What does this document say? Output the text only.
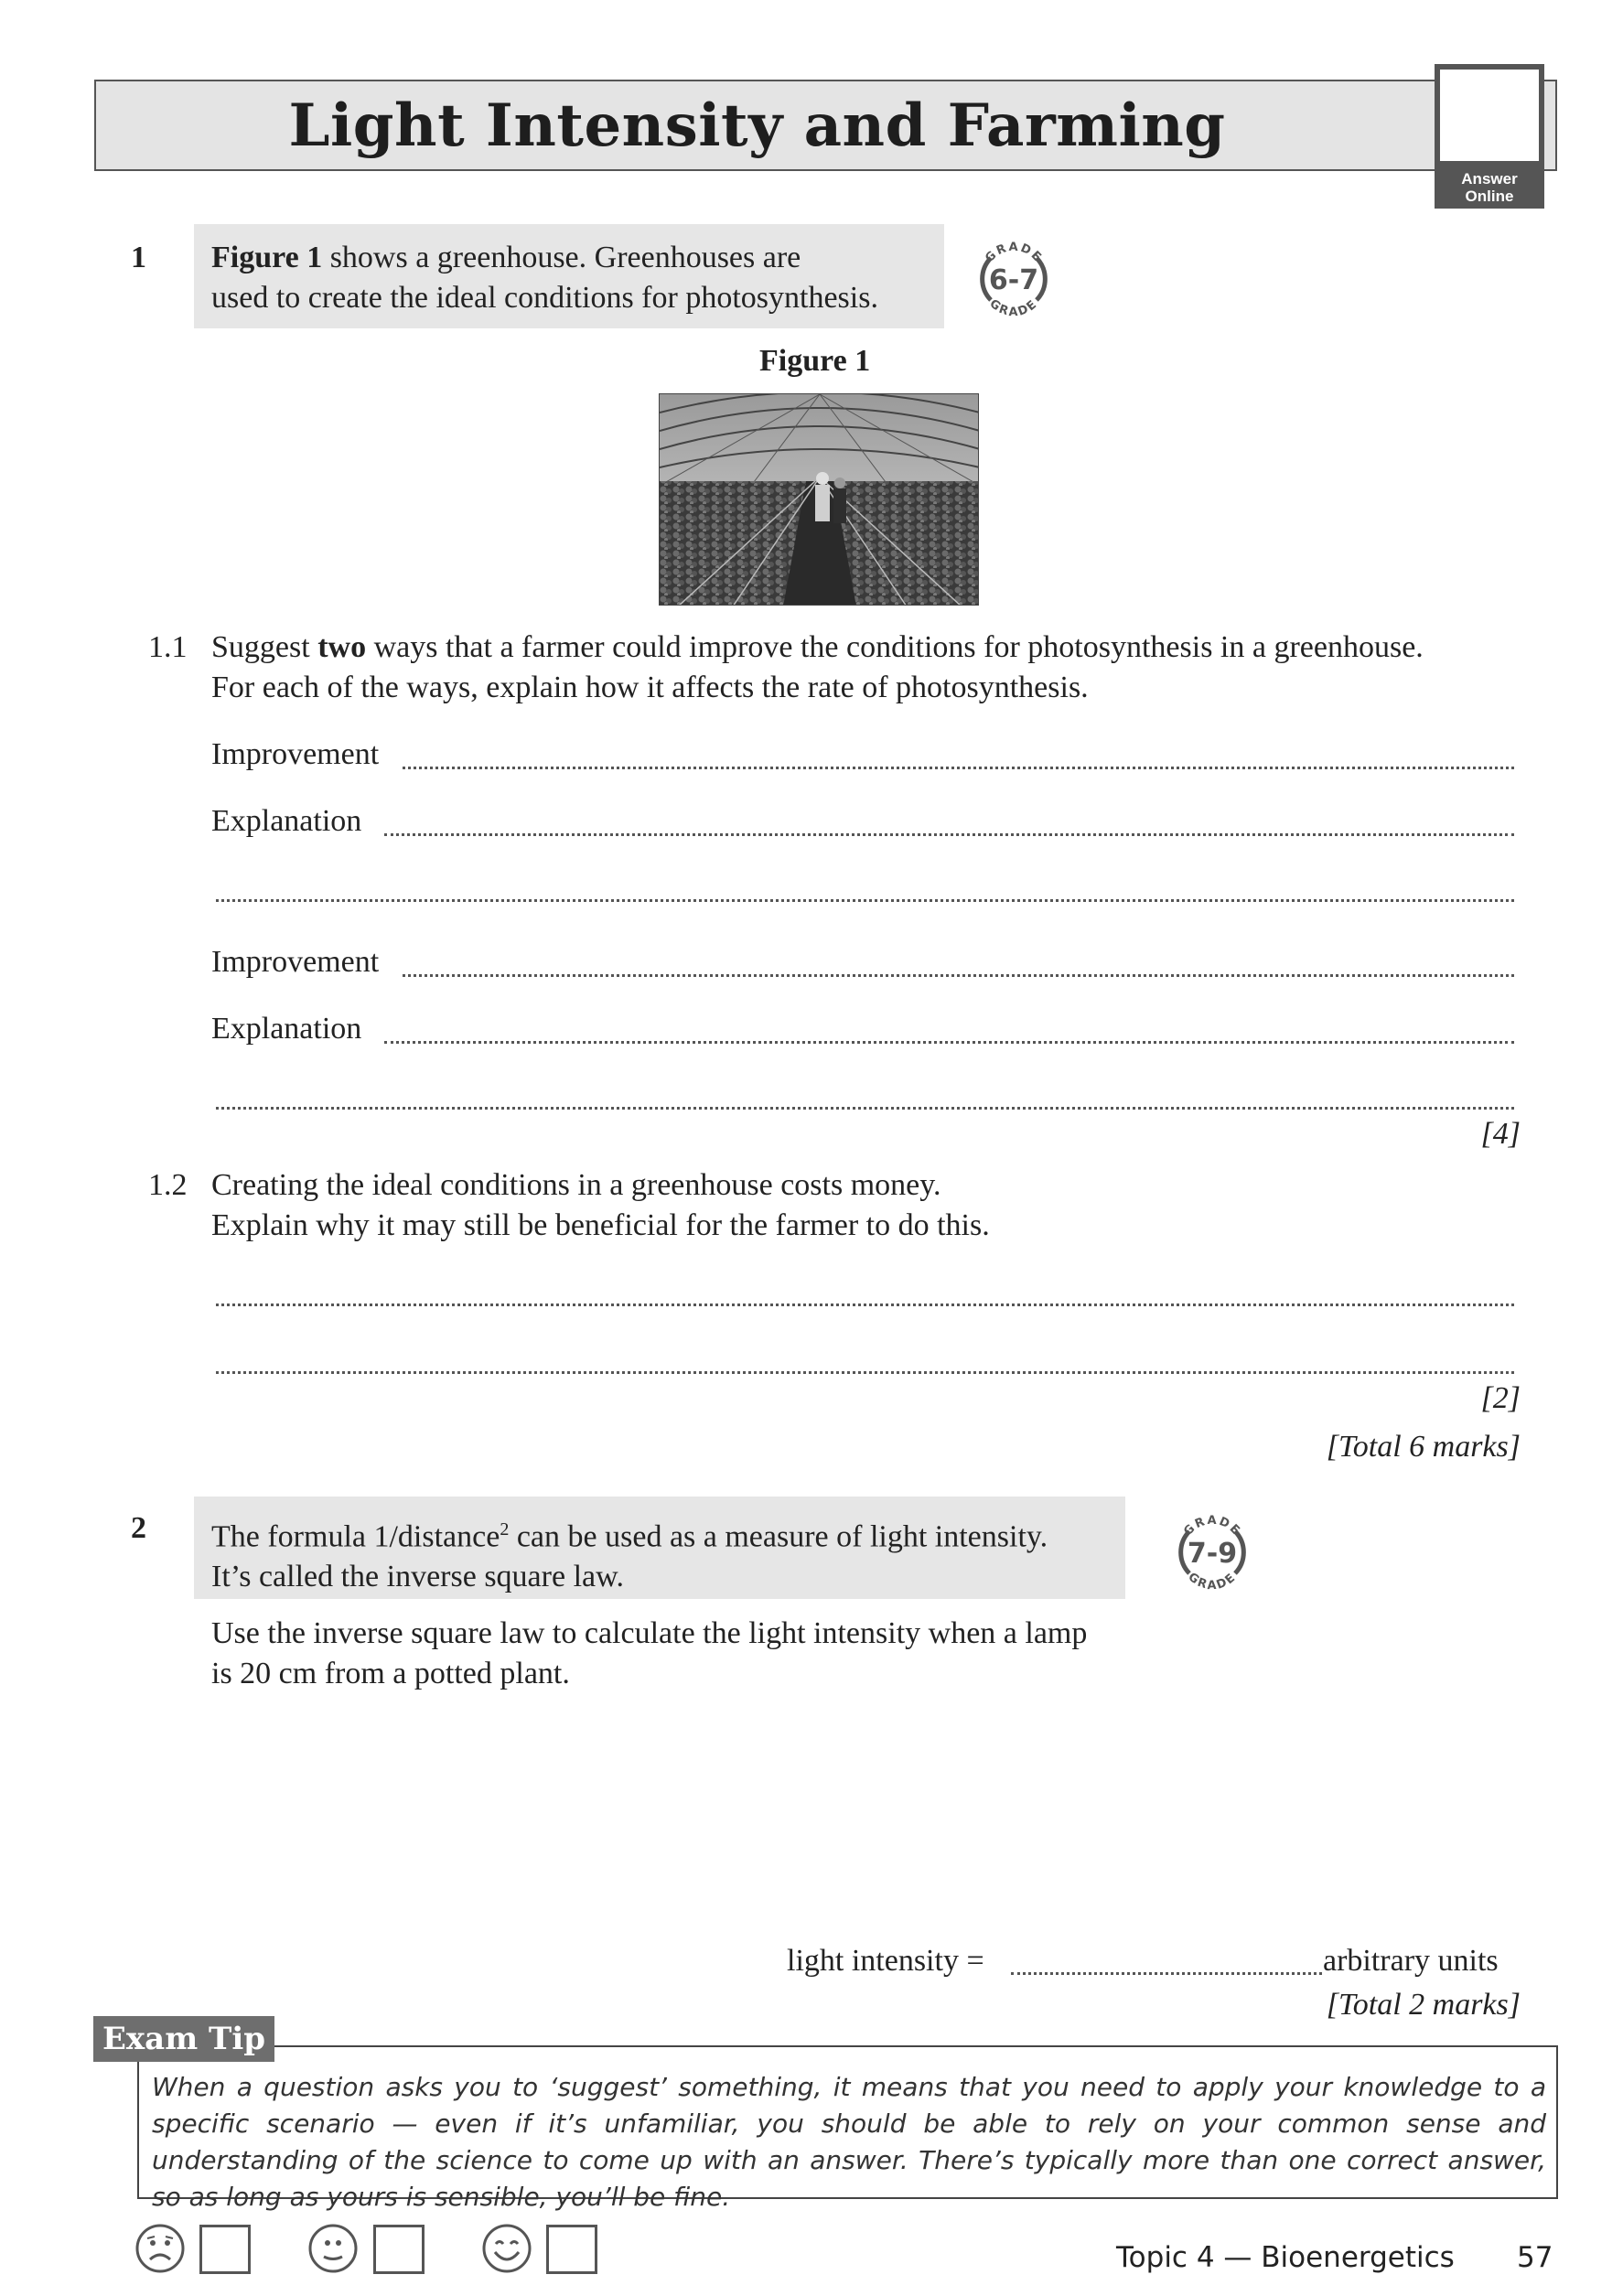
Light Intensity and Farming
Answer
Online
1 Figure 1 shows a greenhouse. Greenhouses are
used to create the ideal conditions for photosynthesis.
GRADE
GRADE
6-7
Figure 1
1.1 Suggest two ways that a farmer could improve the conditions for photosynthesis in a greenhouse.
For each of the ways, explain how it affects the rate of photosynthesis.
Improvement
Explanation
Improvement
Explanation
[4]
1.2 Creating the ideal conditions in a greenhouse costs money.
Explain why it may still be beneficial for the farmer to do this.
[2]
[Total 6 marks]
2 The formula 1/distance$^2$ can be used as a measure of light intensity.
It’s called the inverse square law.
GRADE
GRADE
7-9
Use the inverse square law to calculate the light intensity when a lamp
is 20 cm from a potted plant.
light intensity =	arbitrary units
[Total 2 marks]
Exam Tip
When a question asks you to ‘suggest’ something, it means that you need to apply your knowledge to a specific scenario — even if it’s unfamiliar, you should be able to rely on your common sense and understanding of the science to come up with an answer. There’s typically more than one correct answer, so as long as yours is sensible, you’ll be fine.
Topic 4 — Bioenergetics 57
